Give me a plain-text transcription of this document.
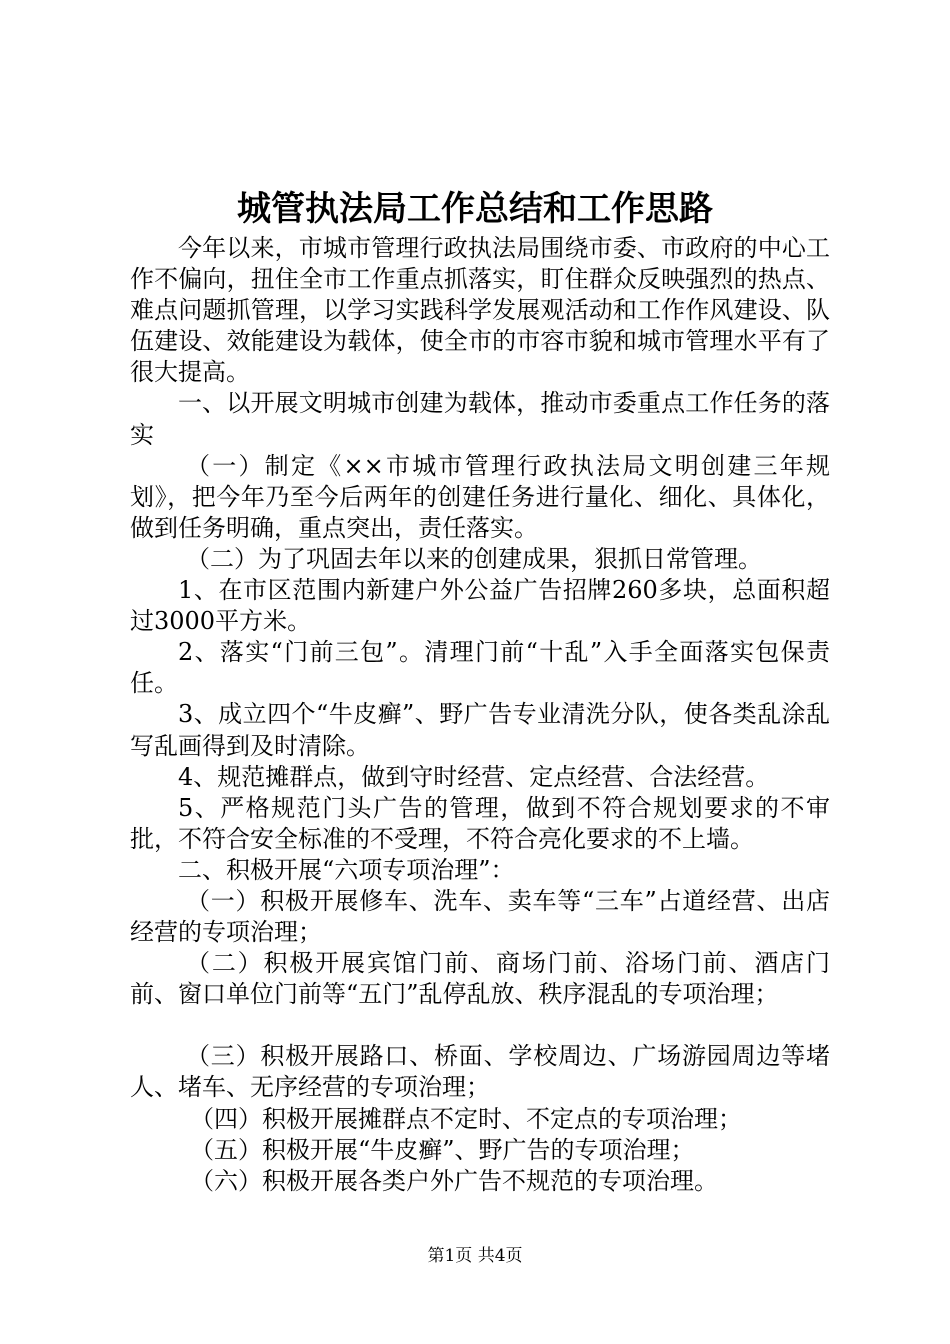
城管执法局工作总结和工作思路

今年以来，市城市管理行政执法局围绕市委、市政府的中心工作不偏向，扭住全市工作重点抓落实，盯住群众反映强烈的热点、难点问题抓管理，以学习实践科学发展观活动和工作作风建设、队伍建设、效能建设为载体，使全市的市容市貌和城市管理水平有了很大提高。

一、以开展文明城市创建为载体，推动市委重点工作任务的落实

（一）制定《××市城市管理行政执法局文明创建三年规划》，把今年乃至今后两年的创建任务进行量化、细化、具体化，做到任务明确，重点突出，责任落实。

（二）为了巩固去年以来的创建成果，狠抓日常管理。

1、在市区范围内新建户外公益广告招牌260多块，总面积超过3000平方米。

2、落实“门前三包”。清理门前“十乱”入手全面落实包保责任。

3、成立四个“牛皮癣”、野广告专业清洗分队，使各类乱涂乱写乱画得到及时清除。

4、规范摊群点，做到守时经营、定点经营、合法经营。

5、严格规范门头广告的管理，做到不符合规划要求的不审批，不符合安全标准的不受理，不符合亮化要求的不上墙。

二、积极开展“六项专项治理”：

（一）积极开展修车、洗车、卖车等“三车”占道经营、出店经营的专项治理；

（二）积极开展宾馆门前、商场门前、浴场门前、酒店门前、窗口单位门前等“五门”乱停乱放、秩序混乱的专项治理；

（三）积极开展路口、桥面、学校周边、广场游园周边等堵人、堵车、无序经营的专项治理；

（四）积极开展摊群点不定时、不定点的专项治理；

（五）积极开展“牛皮癣”、野广告的专项治理；

（六）积极开展各类户外广告不规范的专项治理。

第1页 共4页
